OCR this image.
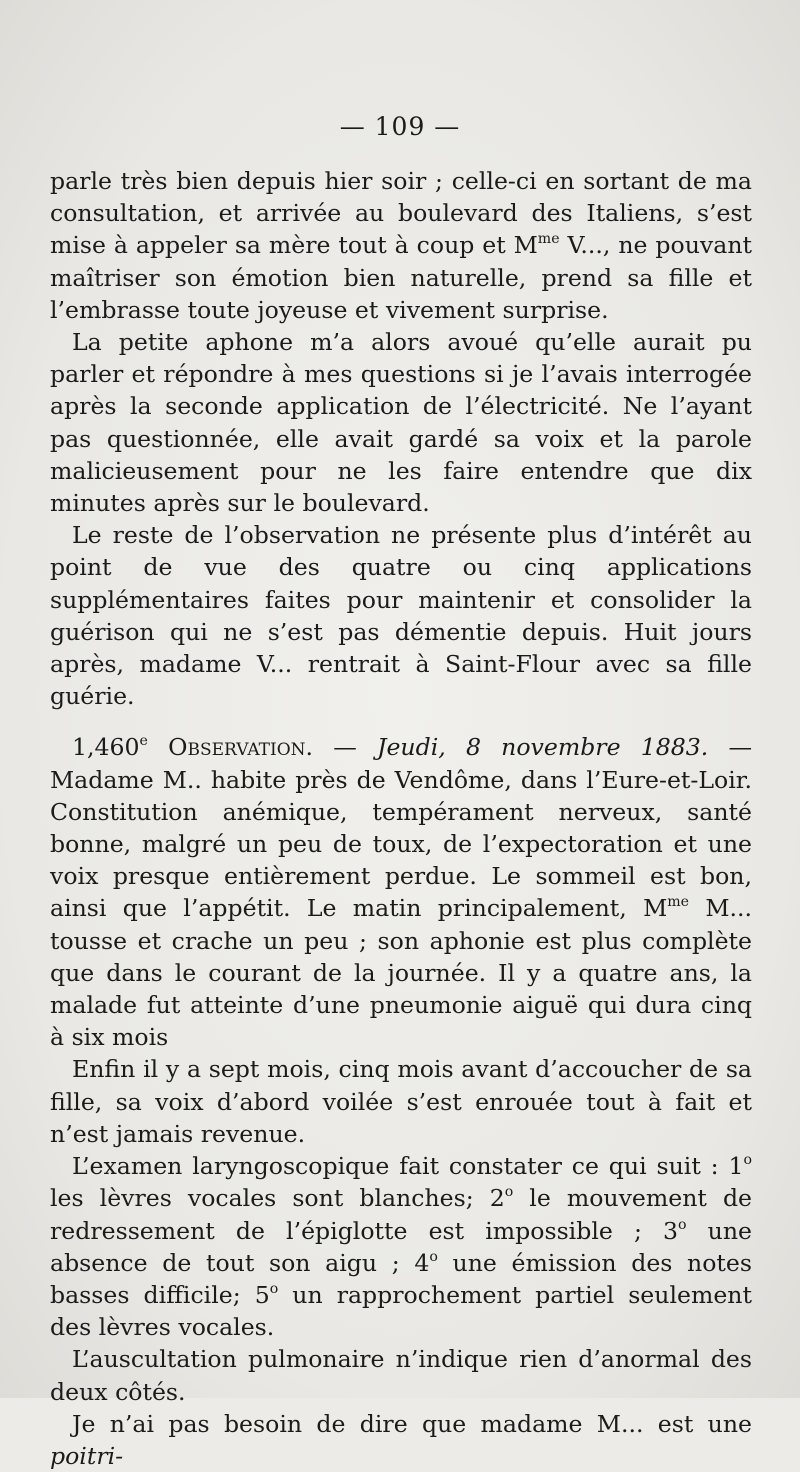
— 109 —

parle très bien depuis hier soir ; celle-ci en sortant de ma consultation, et arrivée au boulevard des Italiens, s’est mise à appeler sa mère tout à coup et $M^{me}$ V..., ne pouvant maîtriser son émotion bien naturelle, prend sa fille et l’embrasse toute joyeuse et vivement surprise.

La petite aphone m’a alors avoué qu’elle aurait pu parler et répondre à mes questions si je l’avais interrogée après la seconde application de l’électricité. Ne l’ayant pas questionnée, elle avait gardé sa voix et la parole malicieusement pour ne les faire entendre que dix minutes après sur le boulevard.

Le reste de l’observation ne présente plus d’intérêt au point de vue des quatre ou cinq applications supplémentaires faites pour maintenir et consolider la guérison qui ne s’est pas démentie depuis. Huit jours après, madame V... rentrait à Saint-Flour avec sa fille guérie.

1,460e Observation. — Jeudi, 8 novembre 1883. — Madame M.. habite près de Vendôme, dans l’Eure-et-Loir. Constitution anémique, tempérament nerveux, santé bonne, malgré un peu de toux, de l’expectoration et une voix presque entièrement perdue. Le sommeil est bon, ainsi que l’appétit. Le matin principalement, $M^{me}$ M... tousse et crache un peu ; son aphonie est plus complète que dans le courant de la journée. Il y a quatre ans, la malade fut atteinte d’une pneumonie aiguë qui dura cinq à six mois

Enfin il y a sept mois, cinq mois avant d’accoucher de sa fille, sa voix d’abord voilée s’est enrouée tout à fait et n’est jamais revenue.

L’examen laryngoscopique fait constater ce qui suit : 1$^o$ les lèvres vocales sont blanches; 2$^o$ le mouvement de redressement de l’épiglotte est impossible ; 3$^o$ une absence de tout son aigu ; 4$^o$ une émission des notes basses difficile; 5$^o$ un rapprochement partiel seulement des lèvres vocales.

L’auscultation pulmonaire n’indique rien d’anormal des deux côtés.

Je n’ai pas besoin de dire que madame M... est une poitri-
